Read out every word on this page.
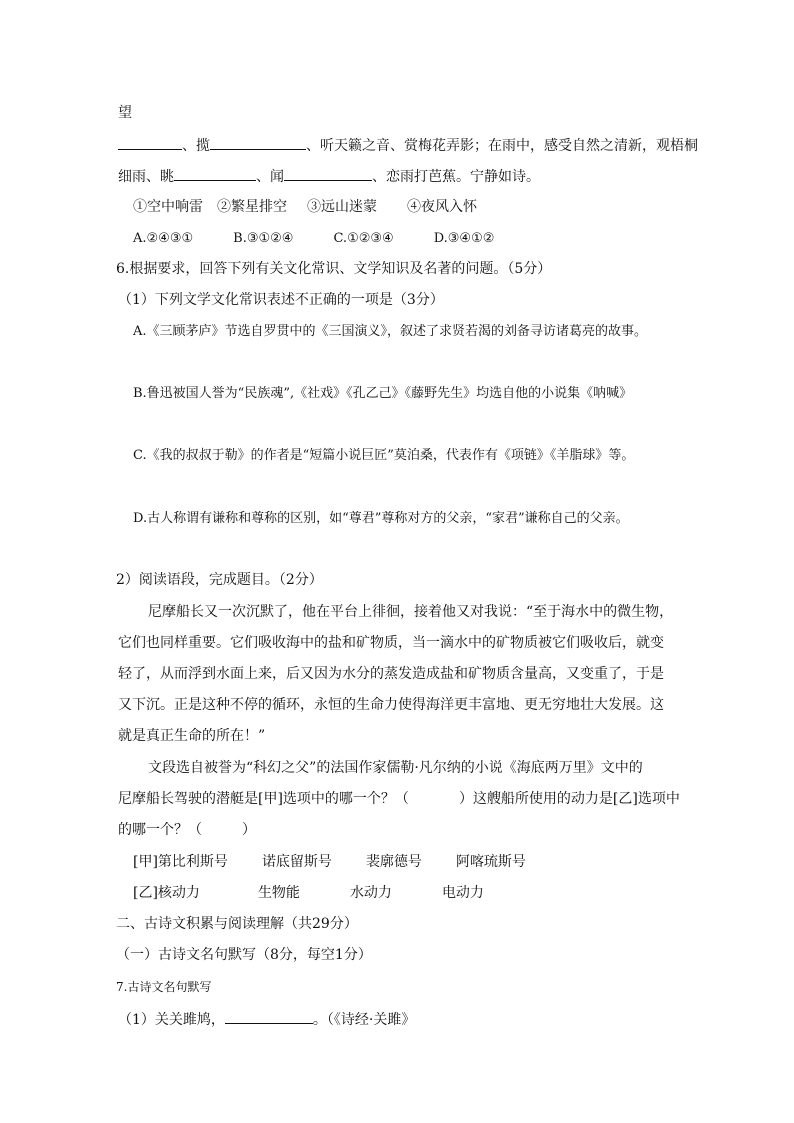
望
、揽	、听天籁之音、赏梅花弄影；在雨中，感受自然之清新，观梧桐
细雨、眺	、闻	、恋雨打芭蕉。宁静如诗。
①空中响雷 ②繁星排空 ③远山迷蒙 ④夜风入怀
A.②④③①	B.③①②④	C.①②③④	D.③④①②
6.根据要求，回答下列有关文化常识、文学知识及名著的问题。（5分）
（1）下列文学文化常识表述不正确的一项是（3分）
A.《三顾茅庐》节选自罗贯中的《三国演义》，叙述了求贤若渴的刘备寻访诸葛亮的故事。
B.鲁迅被国人誉为“民族魂”,《社戏》《孔乙己》《藤野先生》均选自他的小说集《呐喊》
C.《我的叔叔于勒》的作者是“短篇小说巨匠”莫泊桑，代表作有《项链》《羊脂球》等。
D.古人称谓有谦称和尊称的区别，如“尊君”尊称对方的父亲，“家君”谦称自己的父亲。
2）阅读语段，完成题目。（2分）
尼摩船长又一次沉默了，他在平台上徘徊，接着他又对我说：“至于海水中的微生物，
它们也同样重要。它们吸收海中的盐和矿物质，当一滴水中的矿物质被它们吸收后，就变
轻了，从而浮到水面上来，后又因为水分的蒸发造成盐和矿物质含量高，又变重了，于是
又下沉。正是这种不停的循环，永恒的生命力使得海洋更丰富地、更无穷地壮大发展。这
就是真正生命的所在！”
文段选自被誉为“科幻之父”的法国作家儒勒·凡尔纳的小说《海底两万里》文中的
尼摩船长驾驶的潜艇是[甲]选项中的哪一个？（	）这艘船所使用的动力是[乙]选项中
的哪一个？（	）
[甲]第比利斯号 诺底留斯号 裴廓德号 阿喀琉斯号
[乙]核动力	生物能	水动力	电动力
二、古诗文积累与阅读理解（共29分）
（一）古诗文名句默写（8分，每空1分）
7.古诗文名句默写
（1）关关雎鸠，	。（《诗经·关雎》
